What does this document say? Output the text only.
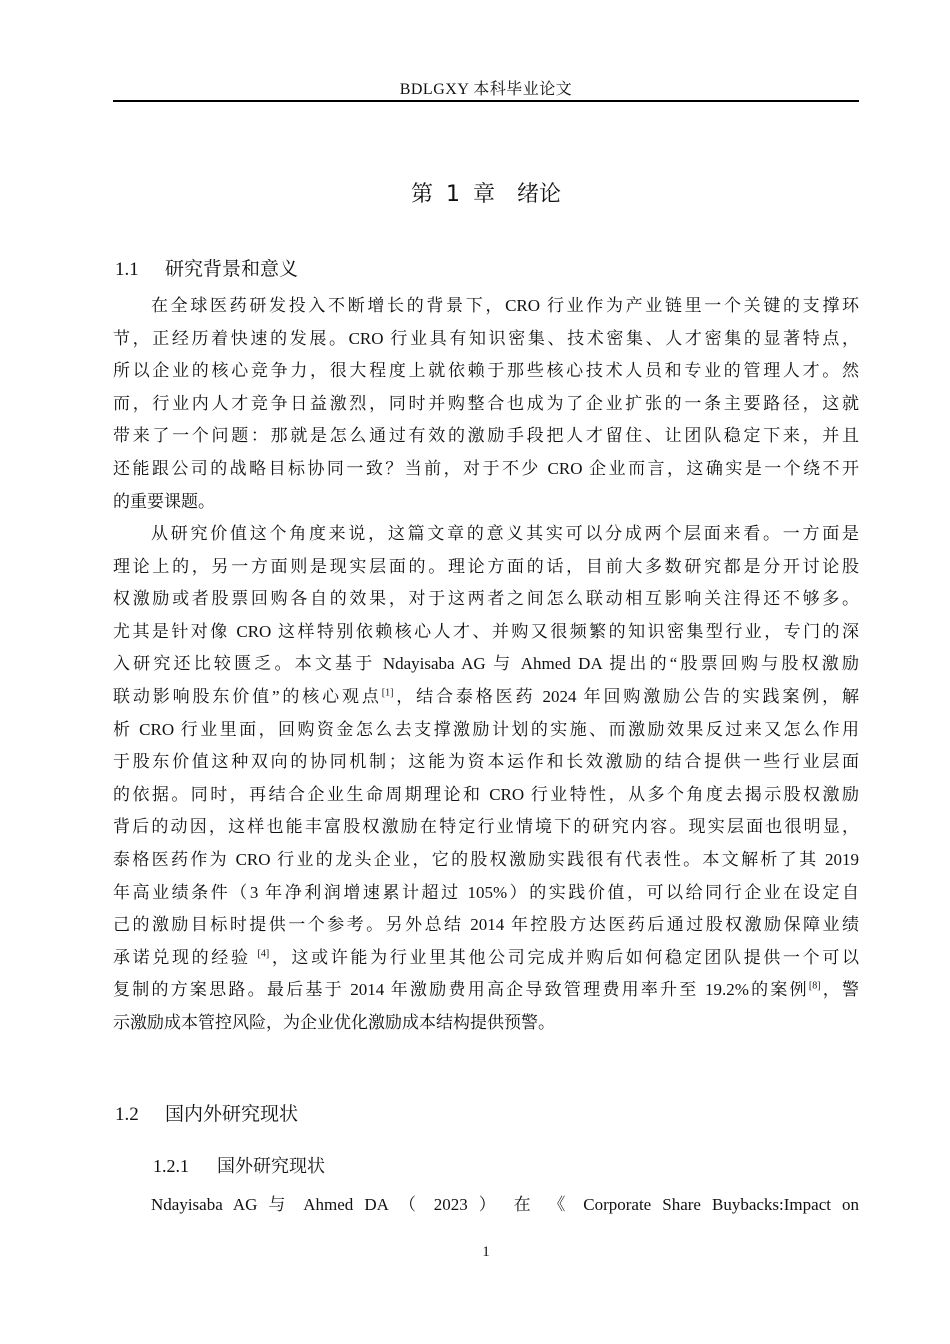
BDLGXY 本科毕业论文
第 1 章　绪论
1.1 研究背景和意义
在全球医药研发投入不断增长的背景下，CRO 行业作为产业链里一个关键的支撑环
节，正经历着快速的发展。CRO 行业具有知识密集、技术密集、人才密集的显著特点，
所以企业的核心竞争力，很大程度上就依赖于那些核心技术人员和专业的管理人才。然
而，行业内人才竞争日益激烈，同时并购整合也成为了企业扩张的一条主要路径，这就
带来了一个问题：那就是怎么通过有效的激励手段把人才留住、让团队稳定下来，并且
还能跟公司的战略目标协同一致？当前，对于不少 CRO 企业而言，这确实是一个绕不开
的重要课题。
从研究价值这个角度来说，这篇文章的意义其实可以分成两个层面来看。一方面是
理论上的，另一方面则是现实层面的。理论方面的话，目前大多数研究都是分开讨论股
权激励或者股票回购各自的效果，对于这两者之间怎么联动相互影响关注得还不够多。
尤其是针对像 CRO 这样特别依赖核心人才、并购又很频繁的知识密集型行业，专门的深
入研究还比较匮乏。本文基于 Ndayisaba AG 与 Ahmed DA 提出的“股票回购与股权激励
联动影响股东价值”的核心观点[1]，结合泰格医药 2024 年回购激励公告的实践案例，解
析 CRO 行业里面，回购资金怎么去支撑激励计划的实施、而激励效果反过来又怎么作用
于股东价值这种双向的协同机制；这能为资本运作和长效激励的结合提供一些行业层面
的依据。同时，再结合企业生命周期理论和 CRO 行业特性，从多个角度去揭示股权激励
背后的动因，这样也能丰富股权激励在特定行业情境下的研究内容。现实层面也很明显，
泰格医药作为 CRO 行业的龙头企业，它的股权激励实践很有代表性。本文解析了其 2019
年高业绩条件（3 年净利润增速累计超过 105%）的实践价值，可以给同行企业在设定自
己的激励目标时提供一个参考。另外总结 2014 年控股方达医药后通过股权激励保障业绩
承诺兑现的经验 [4]，这或许能为行业里其他公司完成并购后如何稳定团队提供一个可以
复制的方案思路。最后基于 2014 年激励费用高企导致管理费用率升至 19.2%的案例[8]，警
示激励成本管控风险，为企业优化激励成本结构提供预警。
1.2 国内外研究现状
1.2.1 国外研究现状
Ndayisaba AG 与 Ahmed DA （ 2023 ） 在 《 Corporate Share Buybacks:Impact on
1
